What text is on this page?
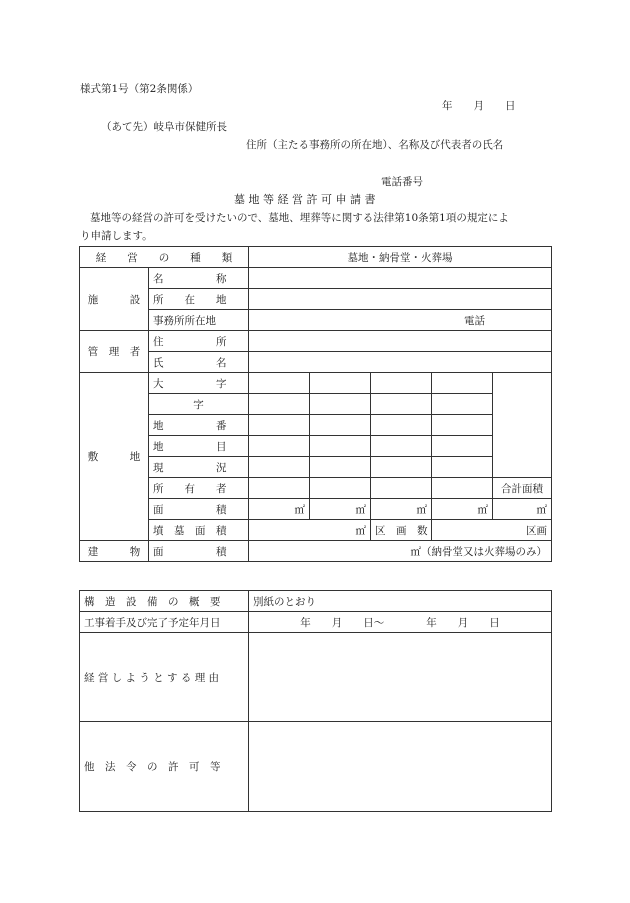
様式第1号（第2条関係）
年　　月　　日
（あて先）岐阜市保健所長
住所（主たる事務所の所在地）、名称及び代表者の氏名
電話番号
墓 地 等 経 営 許 可 申 請 書
墓地等の経営の許可を受けたいので、墓地、埋葬等に関する法律第10条第1項の規定によ
り申請します。
経　　営　　の　　種　　類		墓地・納骨堂・火葬場				
施　　　設	名　　　　　称					
	所　　在　　地					
	事務所所在地	電話				
管　理　者	住　　　　　所					
	氏　　　　　名					
敷　　　地	大　　　　　字					
	字					
	地　　　　　番					
	地　　　　　目					
	現　　　　　況					
	所　　有　　者					合計面積
	面　　　　　積	㎡	㎡	㎡	㎡	㎡
	墳　墓　面　積	㎡		区　画　数	区画	
建　　　物	面　　　　　積	㎡（納骨堂又は火葬場のみ）				
構　造　設　備　の　概　要	別紙のとおり
工事着手及び完了予定年月日	年　　月　　日～　　　　年　　月　　日
経 営 し よ う と す る 理 由	
他　法　令　の　許　可　等	
